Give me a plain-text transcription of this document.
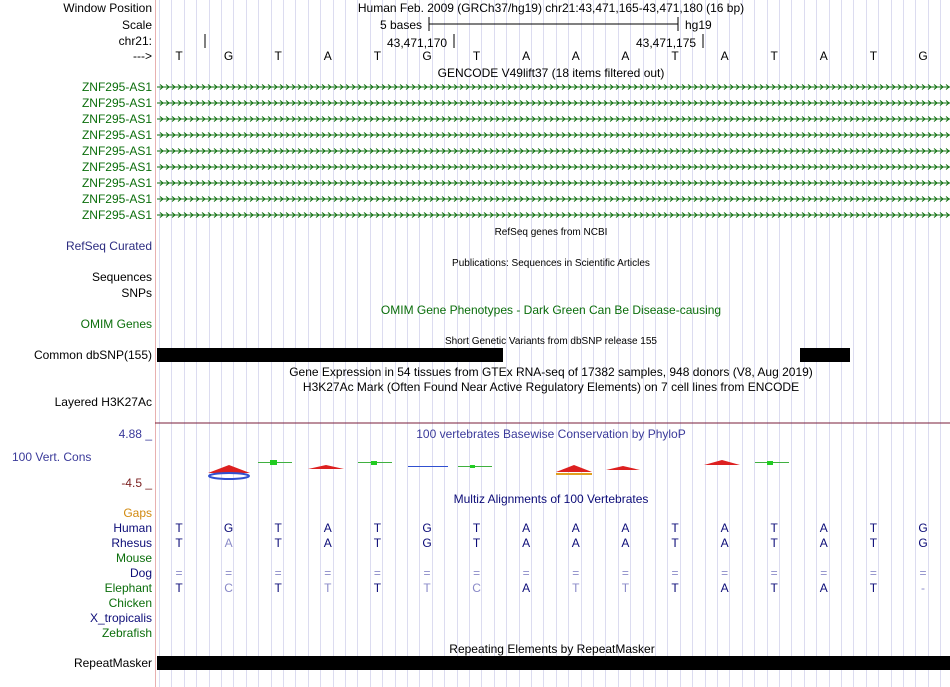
Window Position
Scale
chr21:
--->
Human Feb. 2009 (GRCh37/hg19) chr21:43,471,165-43,471,180 (16 bp)
5 bases	hg19
43,471,170	43,471,175
T	G	T	A	T	G	T	A	A	A	T	A	T	A	T	G
GENCODE V49lift37 (18 items filtered out)
ZNF295-AS1
ZNF295-AS1
ZNF295-AS1
ZNF295-AS1
ZNF295-AS1
ZNF295-AS1
ZNF295-AS1
ZNF295-AS1
ZNF295-AS1
RefSeq genes from NCBI
RefSeq Curated
Publications: Sequences in Scientific Articles
Sequences
SNPs
OMIM Gene Phenotypes - Dark Green Can Be Disease-causing
OMIM Genes
Short Genetic Variants from dbSNP release 155
Common dbSNP(155)
Gene Expression in 54 tissues from GTEx RNA-seq of 17382 samples, 948 donors (V8, Aug 2019)
H3K27Ac Mark (Often Found Near Active Regulatory Elements) on 7 cell lines from ENCODE
Layered H3K27Ac
4.88 _	100 vertebrates Basewise Conservation by PhyloP
100 Vert. Cons
-4.5 _
Multiz Alignments of 100 Vertebrates
Gaps
Human T	G	T	A	T	G	T	A	A	A	T	A	T	A	T	G
Rhesus T	A	T	A	T	G	T	A	A	A	T	A	T	A	T	G
Mouse
Dog =	=	=	=	=	=	=	=	=	=	=	=	=	=	=	=
Elephant T	C	T	T	T	T	C	A	T	T	T	A	T	A	T	-
Chicken
X_tropicalis
Zebrafish
Repeating Elements by RepeatMasker
RepeatMasker
